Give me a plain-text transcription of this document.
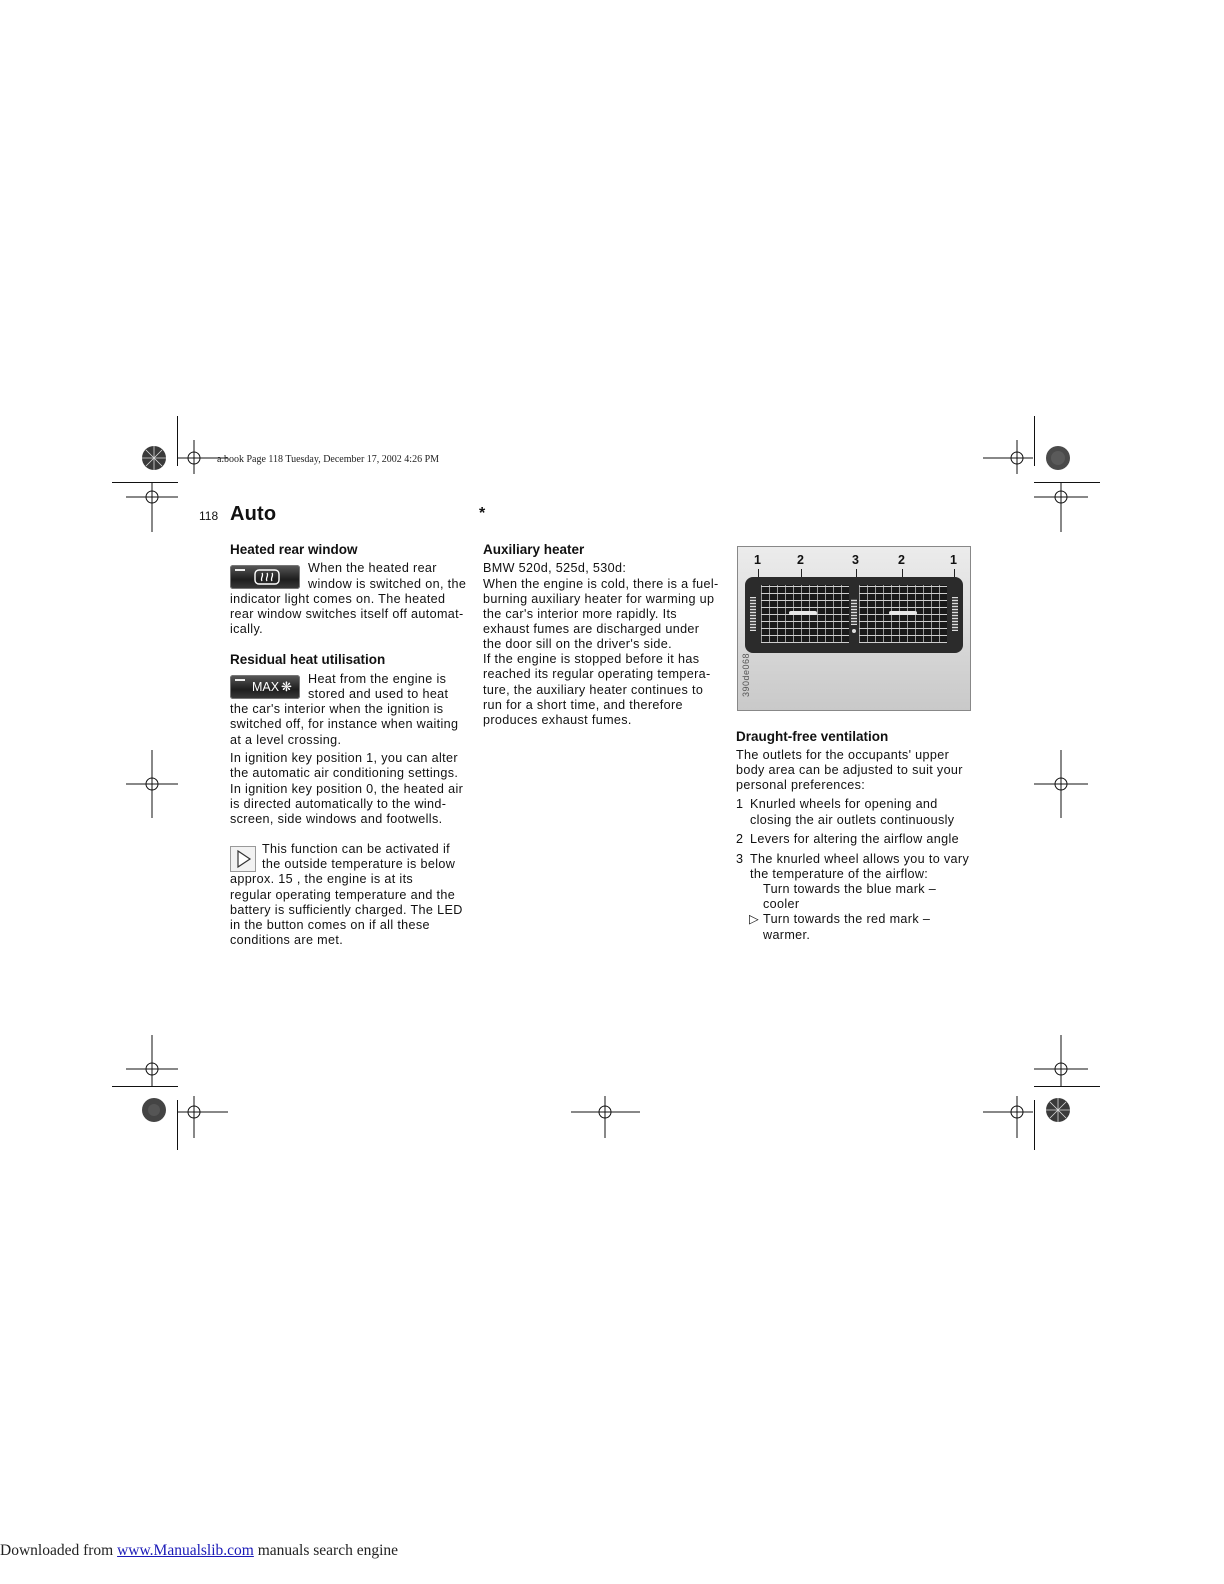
a.book Page 118 Tuesday, December 17, 2002 4:26 PM
118 Auto	*
Heated rear window
When the heated rear
window is switched on, the
indicator light comes on. The heated
rear window switches itself off automat-
ically.
Residual heat utilisation
MAX ❋ Heat from the engine is
stored and used to heat
the car's interior when the ignition is
switched off, for instance when waiting
at a level crossing.
In ignition key position 1, you can alter
the automatic air conditioning settings.
In ignition key position 0, the heated air
is directed automatically to the wind-
screen, side windows and footwells.
This function can be activated if
the outside temperature is below
approx. 15 , the engine is at its
regular operating temperature and the
battery is sufficiently charged. The LED
in the button comes on if all these
conditions are met.
Auxiliary heater
BMW 520d, 525d, 530d:
When the engine is cold, there is a fuel-
burning auxiliary heater for warming up
the car's interior more rapidly. Its
exhaust fumes are discharged under
the door sill on the driver's side.
If the engine is stopped before it has
reached its regular operating tempera-
ture, the auxiliary heater continues to
run for a short time, and therefore
produces exhaust fumes.
1	2	3	2	1
390de068
Draught-free ventilation
The outlets for the occupants' upper
body area can be adjusted to suit your
personal preferences:
1 Knurled wheels for opening and
closing the air outlets continuously
2 Levers for altering the airflow angle
3 The knurled wheel allows you to vary
the temperature of the airflow:
Turn towards the blue mark –
cooler
▷ Turn towards the red mark –
warmer.
Downloaded from www.Manualslib.com manuals search engine
